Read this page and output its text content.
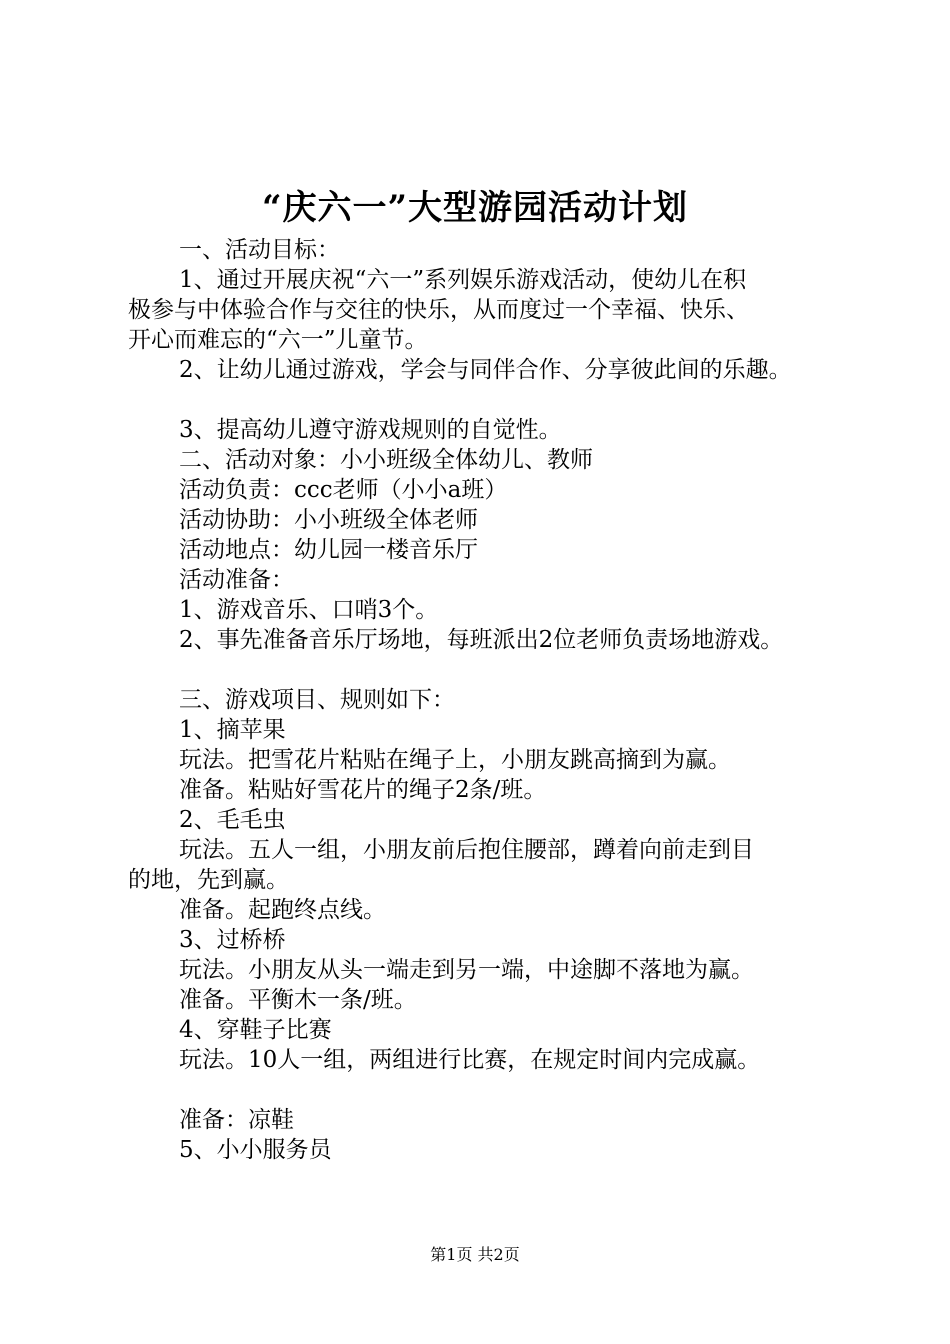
“庆六一”大型游园活动计划
一、活动目标：
1、通过开展庆祝“六一”系列娱乐游戏活动，使幼儿在积
极参与中体验合作与交往的快乐，从而度过一个幸福、快乐、
开心而难忘的“六一”儿童节。
2、让幼儿通过游戏，学会与同伴合作、分享彼此间的乐趣。
3、提高幼儿遵守游戏规则的自觉性。
二、活动对象：小小班级全体幼儿、教师
活动负责：ccc老师（小小a班）
活动协助：小小班级全体老师
活动地点：幼儿园一楼音乐厅
活动准备：
1、游戏音乐、口哨3个。
2、事先准备音乐厅场地，每班派出2位老师负责场地游戏。
三、游戏项目、规则如下：
1、摘苹果
玩法。把雪花片粘贴在绳子上，小朋友跳高摘到为赢。
准备。粘贴好雪花片的绳子2条/班。
2、毛毛虫
玩法。五人一组，小朋友前后抱住腰部，蹲着向前走到目
的地，先到赢。
准备。起跑终点线。
3、过桥桥
玩法。小朋友从头一端走到另一端，中途脚不落地为赢。
准备。平衡木一条/班。
4、穿鞋子比赛
玩法。10人一组，两组进行比赛，在规定时间内完成赢。
准备：凉鞋
5、小小服务员
第1页 共2页
